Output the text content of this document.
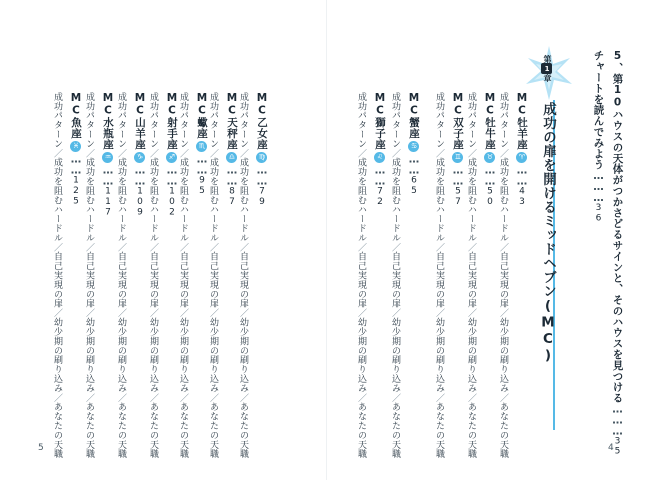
5、第10ハウスの天体がつかさどるサインと、そのハウスを見つける………35
チャートを読んでみよう………36
第1章
成功の扉を開けるミッドヘブン(MC)
MC牡羊座♈……43
成功パターン／成功を阻むハードル／自己実現の扉／幼少期の刷り込み／あなたの天職
MC牡牛座♉……50
成功パターン／成功を阻むハードル／自己実現の扉／幼少期の刷り込み／あなたの天職
MC双子座♊……57
成功パターン／成功を阻むハードル／自己実現の扉／幼少期の刷り込み／あなたの天職
MC蟹座♋……65
成功パターン／成功を阻むハードル／自己実現の扉／幼少期の刷り込み／あなたの天職
MC獅子座♌……72
成功パターン／成功を阻むハードル／自己実現の扉／幼少期の刷り込み／あなたの天職
MC乙女座♍……79
成功パターン／成功を阻むハードル／自己実現の扉／幼少期の刷り込み／あなたの天職
MC天秤座♎……87
成功パターン／成功を阻むハードル／自己実現の扉／幼少期の刷り込み／あなたの天職
MC蠍座♏……95
成功パターン／成功を阻むハードル／自己実現の扉／幼少期の刷り込み／あなたの天職
MC射手座♐……102
成功パターン／成功を阻むハードル／自己実現の扉／幼少期の刷り込み／あなたの天職
MC山羊座♑……109
成功パターン／成功を阻むハードル／自己実現の扉／幼少期の刷り込み／あなたの天職
MC水瓶座♒……117
成功パターン／成功を阻むハードル／自己実現の扉／幼少期の刷り込み／あなたの天職
MC魚座♓……125
成功パターン／成功を阻むハードル／自己実現の扉／幼少期の刷り込み／あなたの天職
5	4
